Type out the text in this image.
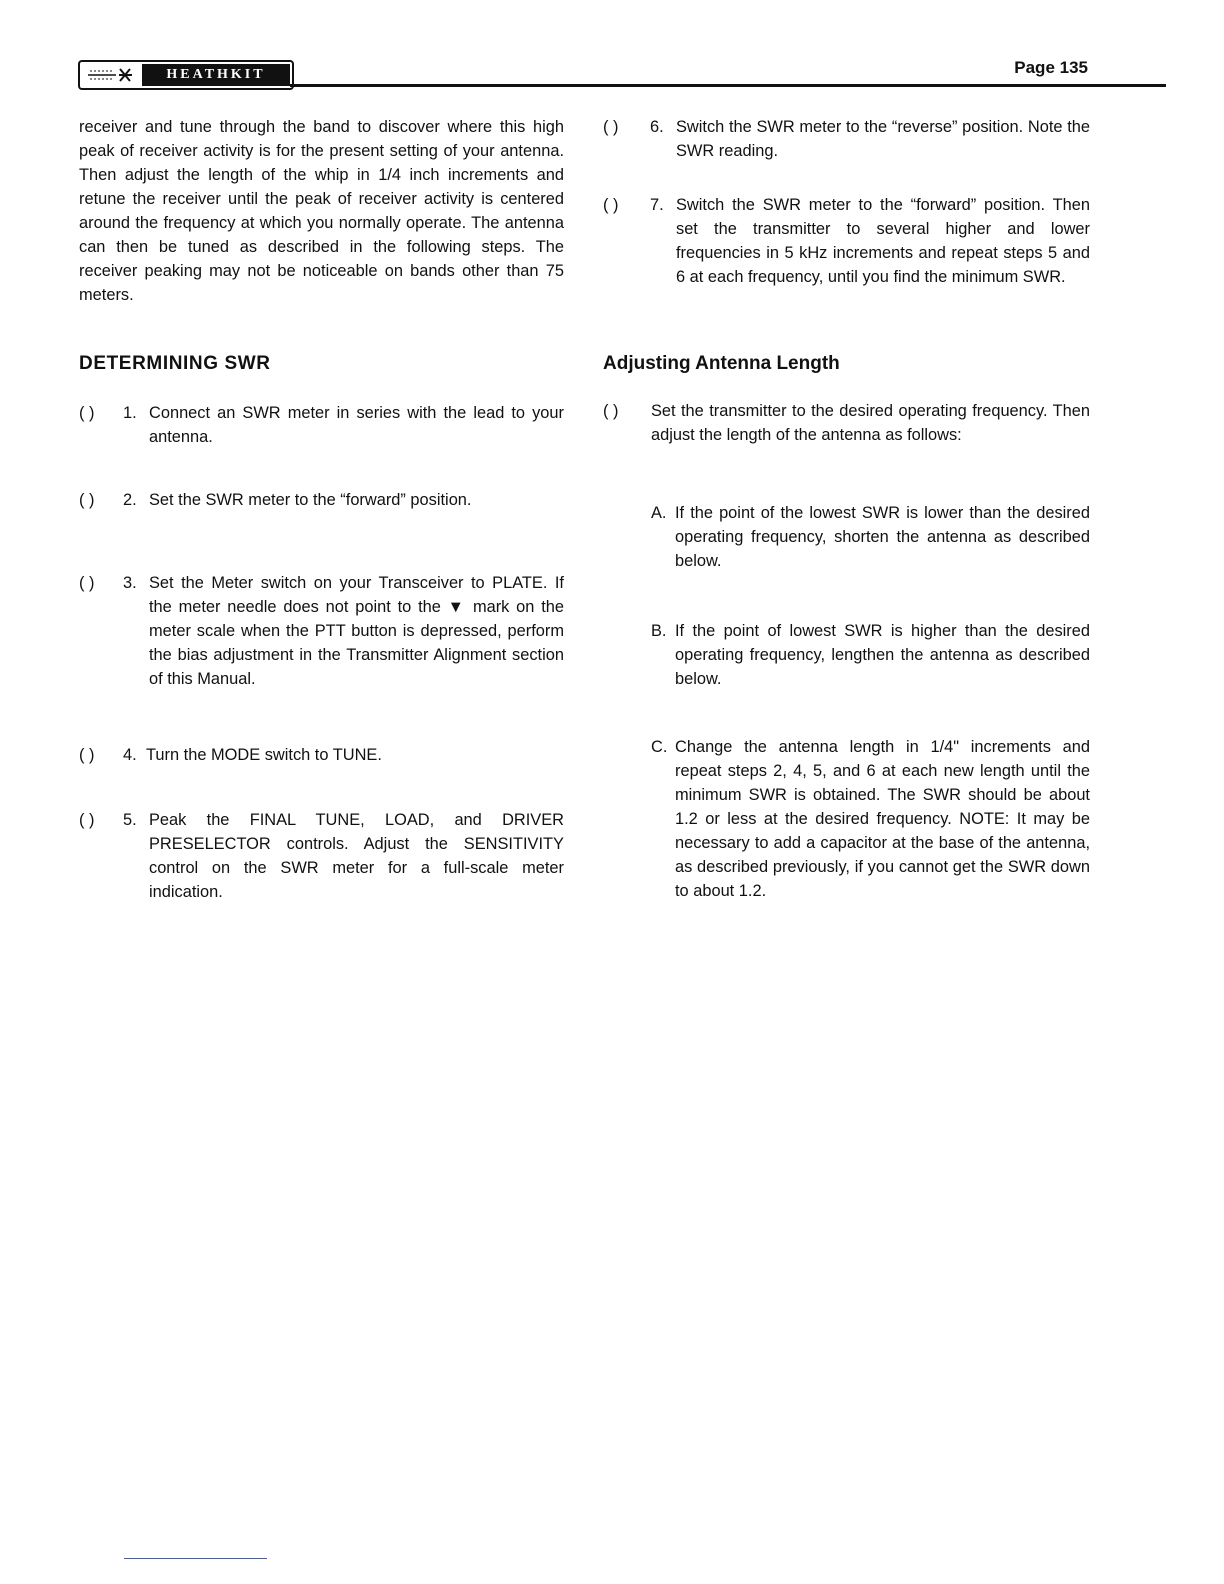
HEATHKIT	Page 135

receiver and tune through the band to discover where this high peak of receiver activity is for the present setting of your antenna. Then adjust the length of the whip in 1/4 inch increments and retune the receiver until the peak of receiver activity is centered around the frequency at which you normally operate. The antenna can then be tuned as described in the following steps. The receiver peaking may not be noticeable on bands other than 75 meters.

DETERMINING SWR
( )	1. Connect an SWR meter in series with the lead to your antenna.
( )	2. Set the SWR meter to the “forward” position.
( )	3. Set the Meter switch on your Transceiver to PLATE. If the meter needle does not point to the ▼ mark on the meter scale when the PTT button is depressed, perform the bias adjustment in the Transmitter Alignment section of this Manual.
( )	4. Turn the MODE switch to TUNE.
( )	5. Peak the FINAL TUNE, LOAD, and DRIVER PRESELECTOR controls. Adjust the SENSITIVITY control on the SWR meter for a full-scale meter indication.
( )	6. Switch the SWR meter to the “reverse” position. Note the SWR reading.
( )	7. Switch the SWR meter to the “forward” position. Then set the transmitter to several higher and lower frequencies in 5 kHz increments and repeat steps 5 and 6 at each frequency, until you find the minimum SWR.
Adjusting Antenna Length
( )	Set the transmitter to the desired operating frequency. Then adjust the length of the antenna as follows:
A. If the point of the lowest SWR is lower than the desired operating frequency, shorten the antenna as described below.
B. If the point of lowest SWR is higher than the desired operating frequency, lengthen the antenna as described below.
C. Change the antenna length in 1/4" increments and repeat steps 2, 4, 5, and 6 at each new length until the minimum SWR is obtained. The SWR should be about 1.2 or less at the desired frequency. NOTE: It may be necessary to add a capacitor at the base of the antenna, as described previously, if you cannot get the SWR down to about 1.2.
